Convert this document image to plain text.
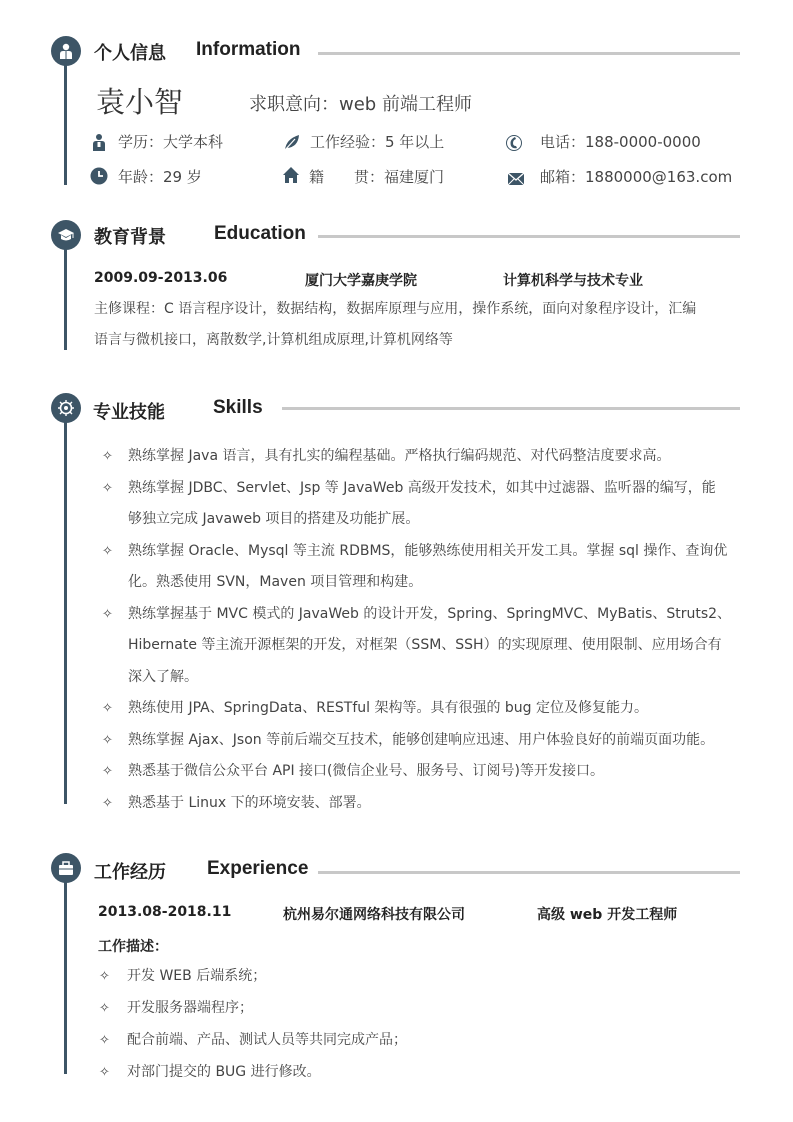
个人信息 Information
袁小智	求职意向：web 前端工程师
学历：大学本科	工作经验：5 年以上	电话：188-0000-0000
年龄：29 岁	籍　　贯：福建厦门	邮箱：1880000@163.com
教育背景	Education
2009.09-2013.06	厦门大学嘉庚学院	计算机科学与技术专业
主修课程：C 语言程序设计，数据结构，数据库原理与应用，操作系统，面向对象程序设计，汇编
语言与微机接口，离散数学,计算机组成原理,计算机网络等
专业技能	Skills
✧ 熟练掌握 Java 语言，具有扎实的编程基础。严格执行编码规范、对代码整洁度要求高。
✧ 熟练掌握 JDBC、Servlet、Jsp 等 JavaWeb 高级开发技术，如其中过滤器、监听器的编写，能
够独立完成 Javaweb 项目的搭建及功能扩展。
✧ 熟练掌握 Oracle、Mysql 等主流 RDBMS，能够熟练使用相关开发工具。掌握 sql 操作、查询优
化。熟悉使用 SVN，Maven 项目管理和构建。
✧ 熟练掌握基于 MVC 模式的 JavaWeb 的设计开发，Spring、SpringMVC、MyBatis、Struts2、
Hibernate 等主流开源框架的开发，对框架（SSM、SSH）的实现原理、使用限制、应用场合有
深入了解。
✧ 熟练使用 JPA、SpringData、RESTful 架构等。具有很强的 bug 定位及修复能力。
✧ 熟练掌握 Ajax、Json 等前后端交互技术，能够创建响应迅速、用户体验良好的前端页面功能。
✧ 熟悉基于微信公众平台 API 接口(微信企业号、服务号、订阅号)等开发接口。
✧ 熟悉基于 Linux 下的环境安装、部署。
工作经历 Experience
2013.08-2018.11	杭州易尔通网络科技有限公司	高级 web 开发工程师
工作描述：
✧ 开发 WEB 后端系统；
✧ 开发服务器端程序；
✧ 配合前端、产品、测试人员等共同完成产品；
✧ 对部门提交的 BUG 进行修改。
